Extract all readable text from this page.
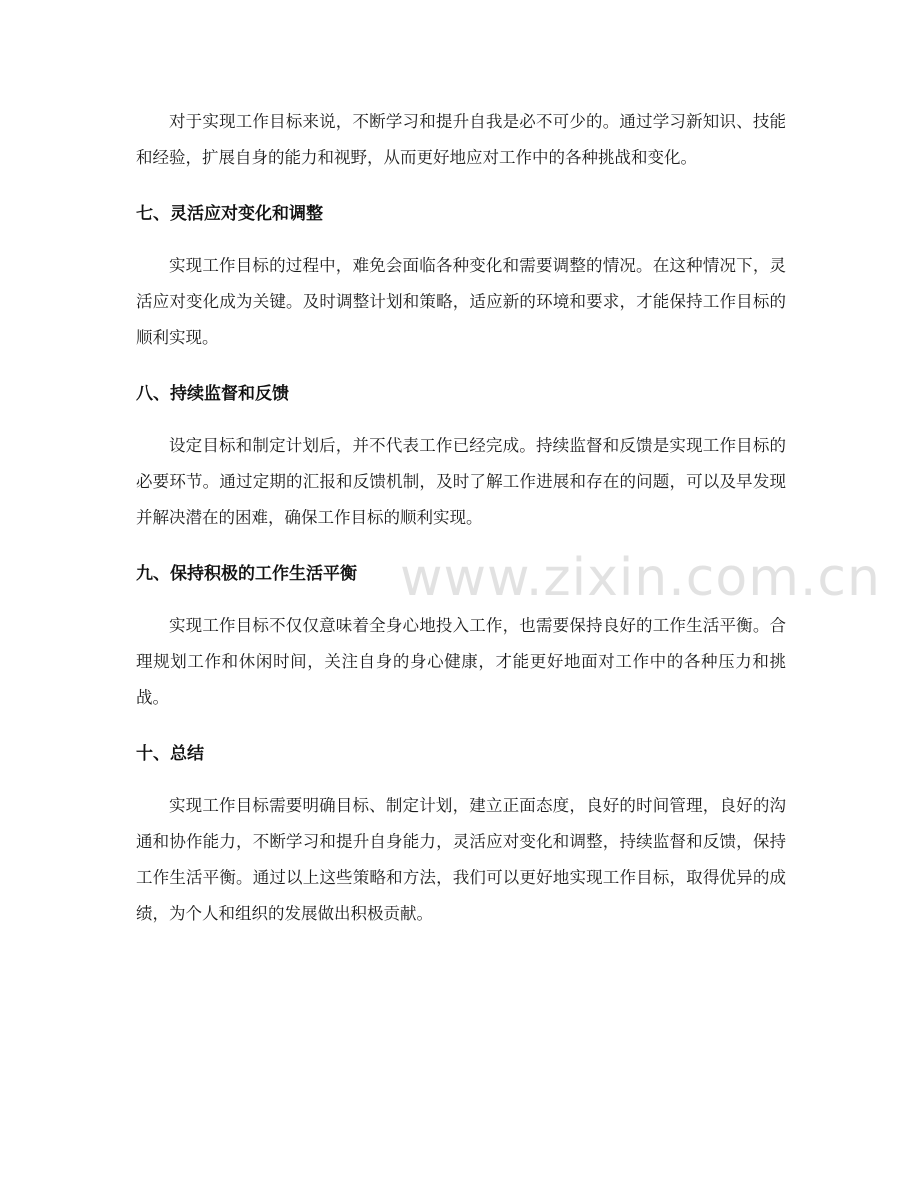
对于实现工作目标来说，不断学习和提升自我是必不可少的。通过学习新知识、技能和经验，扩展自身的能力和视野，从而更好地应对工作中的各种挑战和变化。

七、灵活应对变化和调整

实现工作目标的过程中，难免会面临各种变化和需要调整的情况。在这种情况下，灵活应对变化成为关键。及时调整计划和策略，适应新的环境和要求，才能保持工作目标的顺利实现。

八、持续监督和反馈

设定目标和制定计划后，并不代表工作已经完成。持续监督和反馈是实现工作目标的必要环节。通过定期的汇报和反馈机制，及时了解工作进展和存在的问题，可以及早发现并解决潜在的困难，确保工作目标的顺利实现。

九、保持积极的工作生活平衡

实现工作目标不仅仅意味着全身心地投入工作，也需要保持良好的工作生活平衡。合理规划工作和休闲时间，关注自身的身心健康，才能更好地面对工作中的各种压力和挑战。

十、总结

实现工作目标需要明确目标、制定计划，建立正面态度，良好的时间管理，良好的沟通和协作能力，不断学习和提升自身能力，灵活应对变化和调整，持续监督和反馈，保持工作生活平衡。通过以上这些策略和方法，我们可以更好地实现工作目标，取得优异的成绩，为个人和组织的发展做出积极贡献。

www.zixin.com.cn
